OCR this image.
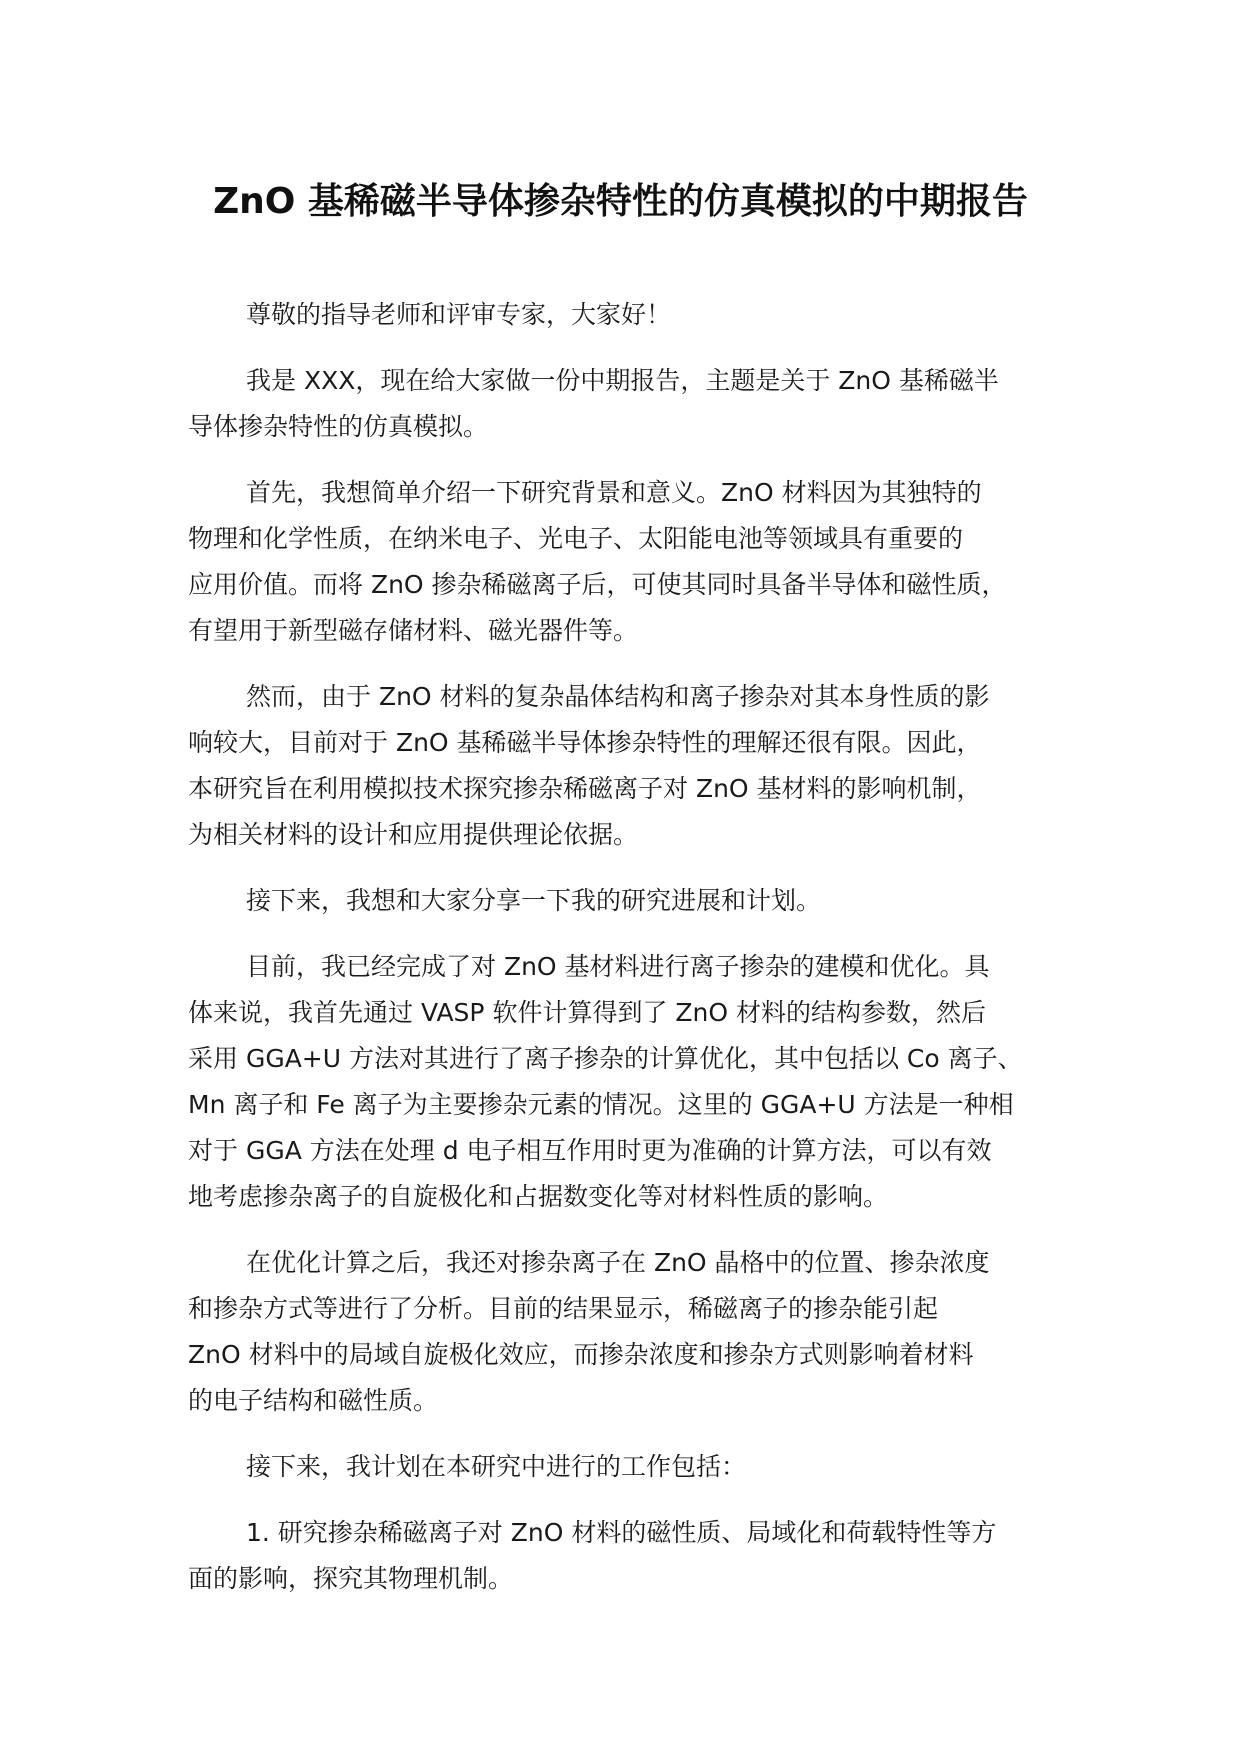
ZnO 基稀磁半导体掺杂特性的仿真模拟的中期报告

尊敬的指导老师和评审专家，大家好！

我是 XXX，现在给大家做一份中期报告，主题是关于 ZnO 基稀磁半
导体掺杂特性的仿真模拟。

首先，我想简单介绍一下研究背景和意义。ZnO 材料因为其独特的
物理和化学性质，在纳米电子、光电子、太阳能电池等领域具有重要的
应用价值。而将 ZnO 掺杂稀磁离子后，可使其同时具备半导体和磁性质，
有望用于新型磁存储材料、磁光器件等。

然而，由于 ZnO 材料的复杂晶体结构和离子掺杂对其本身性质的影
响较大，目前对于 ZnO 基稀磁半导体掺杂特性的理解还很有限。因此，
本研究旨在利用模拟技术探究掺杂稀磁离子对 ZnO 基材料的影响机制，
为相关材料的设计和应用提供理论依据。

接下来，我想和大家分享一下我的研究进展和计划。

目前，我已经完成了对 ZnO 基材料进行离子掺杂的建模和优化。具
体来说，我首先通过 VASP 软件计算得到了 ZnO 材料的结构参数，然后
采用 GGA+U 方法对其进行了离子掺杂的计算优化，其中包括以 Co 离子、
Mn 离子和 Fe 离子为主要掺杂元素的情况。这里的 GGA+U 方法是一种相
对于 GGA 方法在处理 d 电子相互作用时更为准确的计算方法，可以有效
地考虑掺杂离子的自旋极化和占据数变化等对材料性质的影响。

在优化计算之后，我还对掺杂离子在 ZnO 晶格中的位置、掺杂浓度
和掺杂方式等进行了分析。目前的结果显示，稀磁离子的掺杂能引起
ZnO 材料中的局域自旋极化效应，而掺杂浓度和掺杂方式则影响着材料
的电子结构和磁性质。

接下来，我计划在本研究中进行的工作包括：

1. 研究掺杂稀磁离子对 ZnO 材料的磁性质、局域化和荷载特性等方
面的影响，探究其物理机制。
